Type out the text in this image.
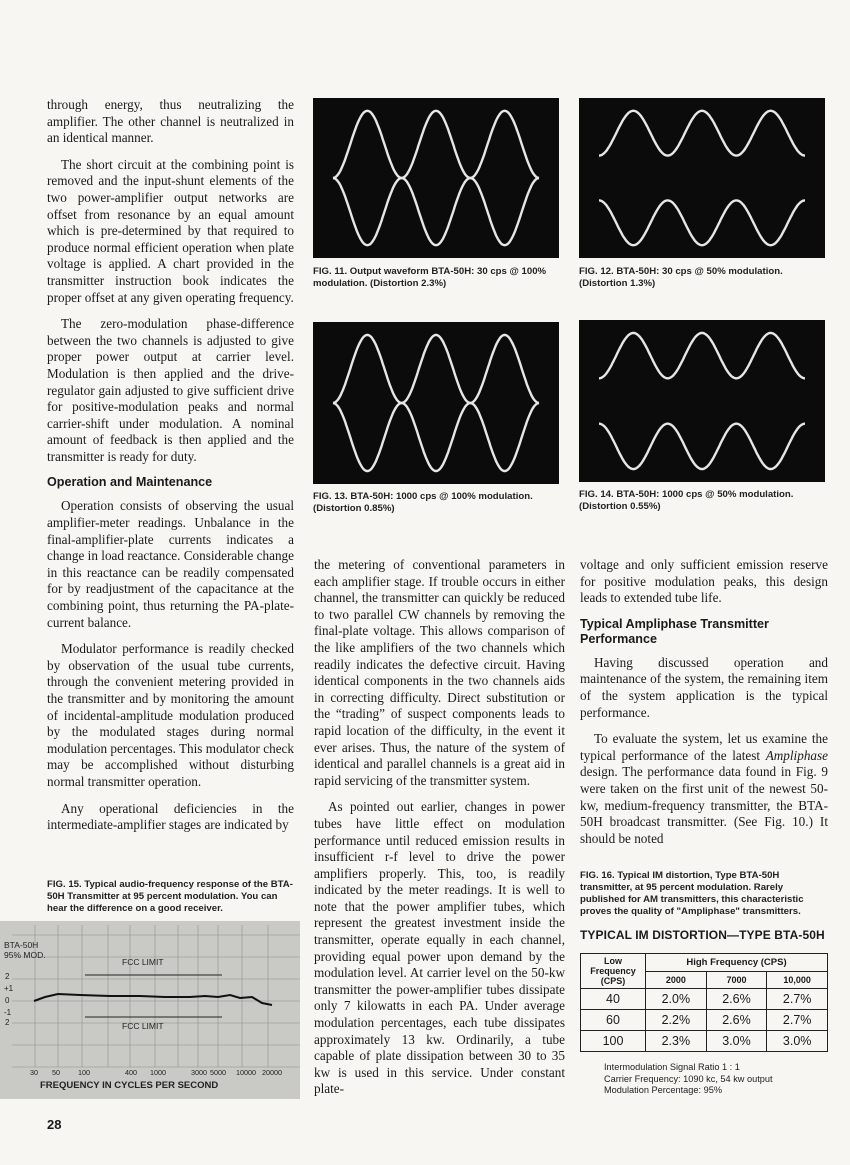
through energy, thus neutralizing the amplifier. The other channel is neutralized in an identical manner.

The short circuit at the combining point is removed and the input-shunt elements of the two power-amplifier output networks are offset from resonance by an equal amount which is pre-determined by that required to produce normal efficient operation when plate voltage is applied. A chart provided in the transmitter instruction book indicates the proper offset at any given operating frequency.

The zero-modulation phase-difference between the two channels is adjusted to give proper power output at carrier level. Modulation is then applied and the drive-regulator gain adjusted to give sufficient drive for positive-modulation peaks and normal carrier-shift under modulation. A nominal amount of feedback is then applied and the transmitter is ready for duty.

Operation and Maintenance

Operation consists of observing the usual amplifier-meter readings. Unbalance in the final-amplifier-plate currents indicates a change in load reactance. Considerable change in this reactance can be readily compensated for by readjustment of the capacitance at the combining point, thus returning the PA-plate-current balance.

Modulator performance is readily checked by observation of the usual tube currents, through the convenient metering provided in the transmitter and by monitoring the amount of incidental-amplitude modulation produced by the modulated stages during normal modulation percentages. This modulator check may be accomplished without disturbing normal transmitter operation.

Any operational deficiencies in the intermediate-amplifier stages are indicated by

FIG. 11. Output waveform BTA-50H: 30 cps @ 100% modulation. (Distortion 2.3%)
FIG. 12. BTA-50H: 30 cps @ 50% modulation. (Distortion 1.3%)
FIG. 13. BTA-50H: 1000 cps @ 100% modulation. (Distortion 0.85%)
FIG. 14. BTA-50H: 1000 cps @ 50% modulation. (Distortion 0.55%)

the metering of conventional parameters in each amplifier stage. If trouble occurs in either channel, the transmitter can quickly be reduced to two parallel CW channels by removing the final-plate voltage. This allows comparison of the like amplifiers of the two channels which readily indicates the defective circuit. Having identical components in the two channels aids in correcting difficulty. Direct substitution or the “trading” of suspect components leads to rapid location of the difficulty, in the event it ever arises. Thus, the nature of the system of identical and parallel channels is a great aid in rapid servicing of the transmitter system.

As pointed out earlier, changes in power tubes have little effect on modulation performance until reduced emission results in insufficient r-f level to drive the power amplifiers properly. This, too, is readily indicated by the meter readings. It is well to note that the power amplifier tubes, which represent the greatest investment inside the transmitter, operate equally in each channel, providing equal power upon demand by the modulation level. At carrier level on the 50-kw transmitter the power-amplifier tubes dissipate only 7 kilowatts in each PA. Under average modulation percentages, each tube dissipates approximately 13 kw. Ordinarily, a tube capable of plate dissipation between 30 to 35 kw is used in this service. Under constant plate-

voltage and only sufficient emission reserve for positive modulation peaks, this design leads to extended tube life.

Typical Ampliphase Transmitter Performance

Having discussed operation and maintenance of the system, the remaining item of the system application is the typical performance.

To evaluate the system, let us examine the typical performance of the latest Ampliphase design. The performance data found in Fig. 9 were taken on the first unit of the newest 50-kw, medium-frequency transmitter, the BTA-50H broadcast transmitter. (See Fig. 10.) It should be noted

FIG. 15. Typical audio-frequency response of the BTA-50H Transmitter at 95 percent modulation. You can hear the difference on a good receiver.
BTA-50H
95% MOD.
FCC LIMIT
FCC LIMIT
2
+1
0
-1
2
30 50	100	400 1000	3000 5000 10000 20000
FREQUENCY IN CYCLES PER SECOND
FIG. 16. Typical IM distortion, Type BTA-50H transmitter, at 95 percent modulation. Rarely published for AM transmitters, this characteristic proves the quality of "Ampliphase" transmitters.
TYPICAL IM DISTORTION—TYPE BTA-50H
Low Frequency (CPS)	High Frequency (CPS)		
	2000	7000	10,000
40	2.0%	2.6%	2.7%
60	2.2%	2.6%	2.7%
100	2.3%	3.0%	3.0%
Intermodulation Signal Ratio 1 : 1
Carrier Frequency: 1090 kc, 54 kw output
Modulation Percentage: 95%
28
